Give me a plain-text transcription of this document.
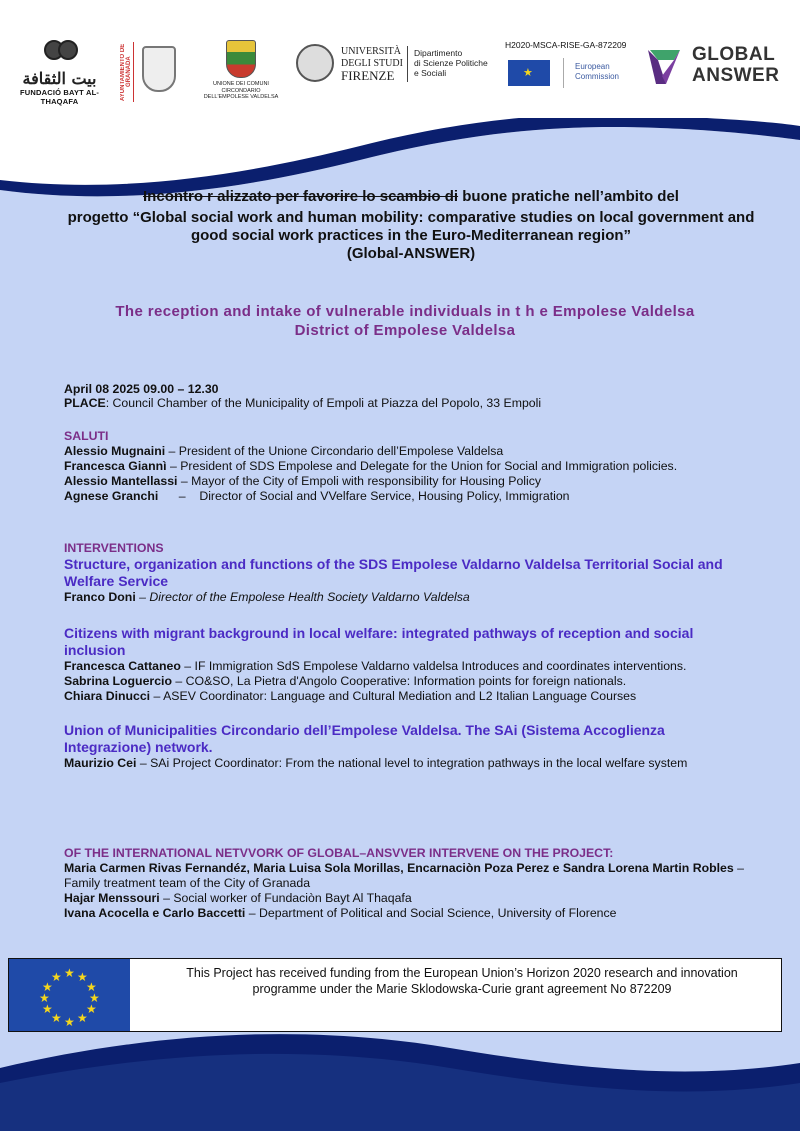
بيت الثقافة
FUNDACIÓ BAYT AL-THAQAFA
AYUNTAMIENTO DE GRANADA	UNIONE DEI COMUNI
CIRCONDARIO
DELL'EMPOLESE VALDELSA
UNIVERSITÀ
DEGLI STUDI
FIRENZE
Dipartimento
di Scienze Politiche
e Sociali
H2020-MSCA-RISE-GA-872209
★
European
Commission
GLOBAL
ANSWER
Incontro r alizzato per favorire lo scambio di buone pratiche nell’ambito del
progetto “Global social work and human mobility: comparative studies on local government and good social work practices in the Euro-Mediterranean region”
(Global-ANSWER)
The reception and intake of vulnerable individuals in t h e Empolese Valdelsa
District of Empolese Valdelsa
April 08 2025 09.00 – 12.30
PLACE: Council Chamber of the Municipality of Empoli at Piazza del Popolo, 33 Empoli
SALUTI
Alessio Mugnaini – President of the Unione Circondario dell’Empolese Valdelsa
Francesca Giannì – President of SDS Empolese and Delegate for the Union for Social and Immigration policies.
Alessio Mantellassi – Mayor of the City of Empoli with responsibility for Housing Policy
Agnese Granchi      –    Director of Social and VVelfare Service, Housing Policy, Immigration
INTERVENTIONS
Structure, organization and functions of the SDS Empolese Valdarno Valdelsa Territorial Social and Welfare Service
Franco Doni – Director of the Empolese Health Society Valdarno Valdelsa
Citizens with migrant background in local welfare: integrated pathways of reception and social inclusion
Francesca Cattaneo – IF Immigration SdS Empolese Valdarno valdelsa Introduces and coordinates interventions.
Sabrina Loguercio – CO&SO, La Pietra d'Angolo Cooperative: Information points for foreign nationals.
Chiara Dinucci – ASEV Coordinator: Language and Cultural Mediation and L2 Italian Language Courses
Union of Municipalities Circondario dell’Empolese Valdelsa. The SAi (Sistema Accoglienza Integrazione) network.
Maurizio Cei – SAi Project Coordinator: From the national level to integration pathways in the local welfare system
OF THE INTERNATIONAL NETVVORK OF GLOBAL–ANSVVER INTERVENE ON THE PROJECT:
Maria Carmen Rivas Fernandéz, Maria Luisa Sola Morillas, Encarnaciòn Poza Perez e Sandra Lorena Martin Robles – Family treatment team of the City of Granada
Hajar Menssouri – Social worker of Fundaciòn Bayt Al Thaqafa
Ivana Acocella e Carlo Baccetti – Department of Political and Social Science, University of Florence
★ ★
★
★
★
★
★
★
★
★
★
★	This Project has received funding from the European Union’s Horizon 2020 research and innovation programme under the Marie Sklodowska-Curie grant agreement No 872209
